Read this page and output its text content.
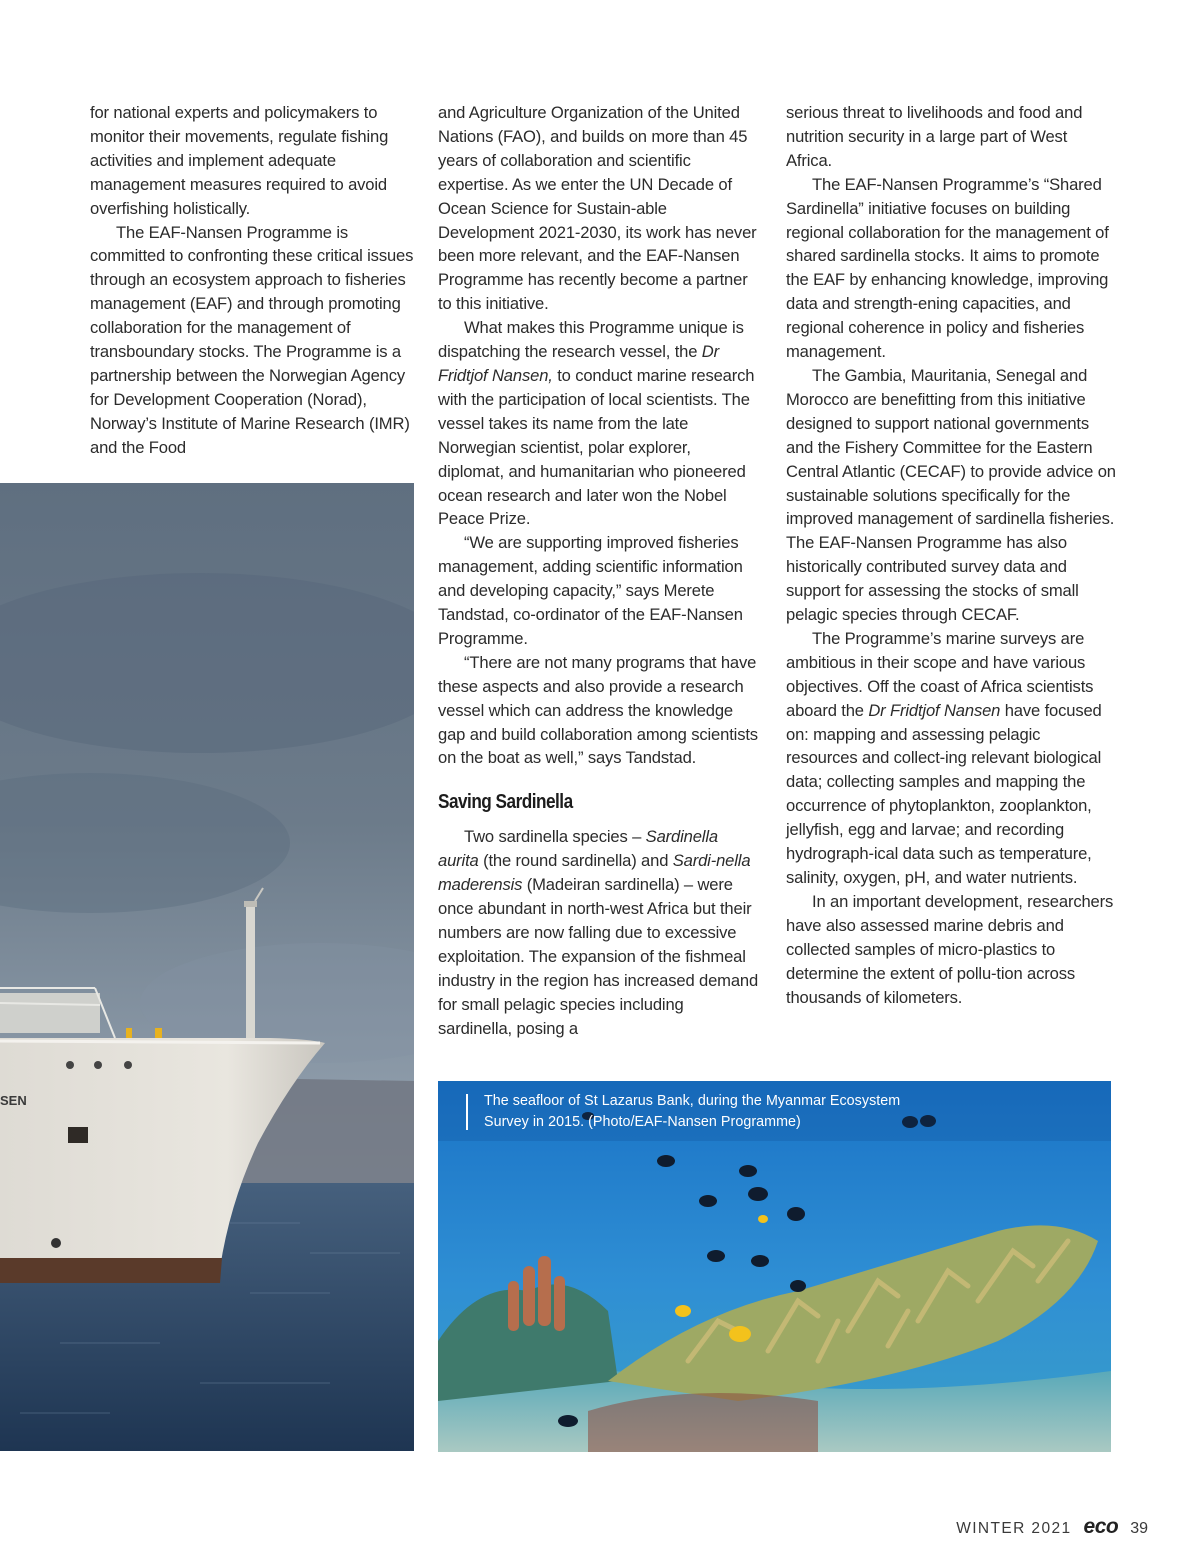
for national experts and policymakers to monitor their movements, regulate fishing activities and implement adequate management measures required to avoid overfishing holistically.

The EAF-Nansen Programme is committed to confronting these critical issues through an ecosystem approach to fisheries management (EAF) and through promoting collaboration for the management of transboundary stocks. The Programme is a partnership between the Norwegian Agency for Development Cooperation (Norad), Norway’s Institute of Marine Research (IMR) and the Food

and Agriculture Organization of the United Nations (FAO), and builds on more than 45 years of collaboration and scientific expertise. As we enter the UN Decade of Ocean Science for Sustain-able Development 2021-2030, its work has never been more relevant, and the EAF-Nansen Programme has recently become a partner to this initiative.

What makes this Programme unique is dispatching the research vessel, the Dr Fridtjof Nansen, to conduct marine research with the participation of local scientists. The vessel takes its name from the late Norwegian scientist, polar explorer, diplomat, and humanitarian who pioneered ocean research and later won the Nobel Peace Prize.

“We are supporting improved fisheries management, adding scientific information and developing capacity,” says Merete Tandstad, co-ordinator of the EAF-Nansen Programme.

“There are not many programs that have these aspects and also provide a research vessel which can address the knowledge gap and build collaboration among scientists on the boat as well,” says Tandstad.

Saving Sardinella

Two sardinella species – Sardinella aurita (the round sardinella) and Sardi-nella maderensis (Madeiran sardinella) – were once abundant in north-west Africa but their numbers are now falling due to excessive exploitation. The expansion of the fishmeal industry in the region has increased demand for small pelagic species including sardinella, posing a

serious threat to livelihoods and food and nutrition security in a large part of West Africa.

The EAF-Nansen Programme’s “Shared Sardinella” initiative focuses on building regional collaboration for the management of shared sardinella stocks. It aims to promote the EAF by enhancing knowledge, improving data and strength-ening capacities, and regional coherence in policy and fisheries management.

The Gambia, Mauritania, Senegal and Morocco are benefitting from this initiative designed to support national governments and the Fishery Committee for the Eastern Central Atlantic (CECAF) to provide advice on sustainable solutions specifically for the improved management of sardinella fisheries. The EAF-Nansen Programme has also historically contributed survey data and support for assessing the stocks of small pelagic species through CECAF.

The Programme’s marine surveys are ambitious in their scope and have various objectives. Off the coast of Africa scientists aboard the Dr Fridtjof Nansen have focused on: mapping and assessing pelagic resources and collect-ing relevant biological data; collecting samples and mapping the occurrence of phytoplankton, zooplankton, jellyfish, egg and larvae; and recording hydrograph-ical data such as temperature, salinity, oxygen, pH, and water nutrients.

In an important development, researchers have also assessed marine debris and collected samples of micro-plastics to determine the extent of pollu-tion across thousands of kilometers.

SEN	The seafloor of St Lazarus Bank, during the Myanmar Ecosystem
Survey in 2015. (Photo/EAF-Nansen Programme)
WINTER 2021 eco 39
